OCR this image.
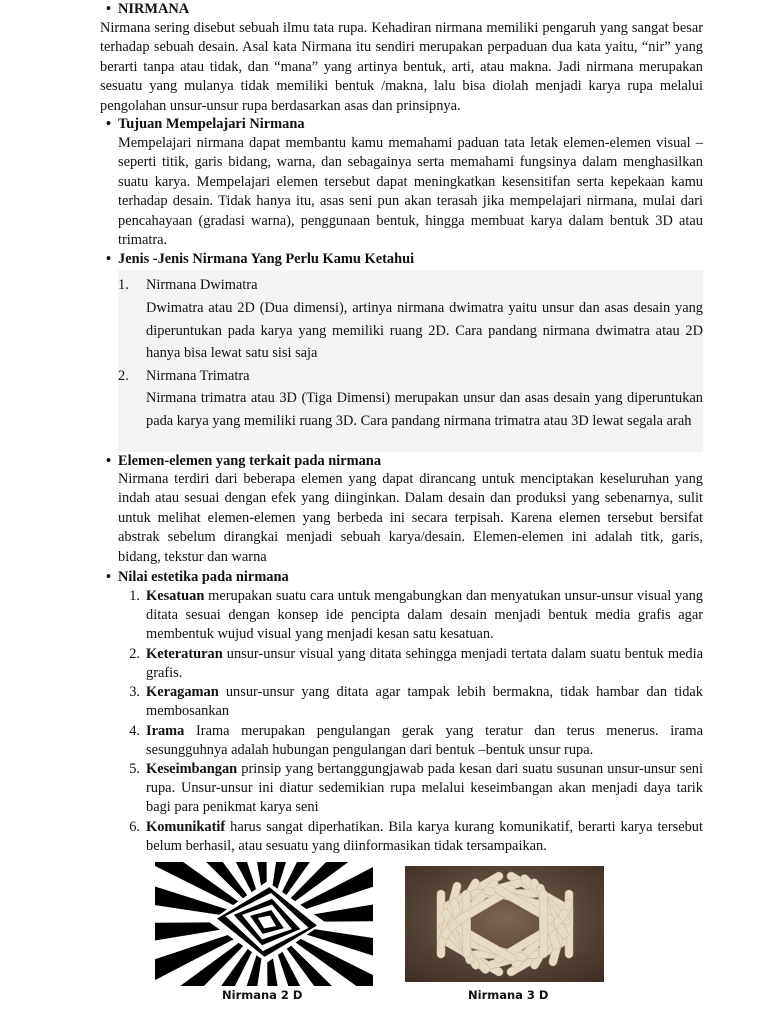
• NIRMANA
Nirmana sering disebut sebuah ilmu tata rupa. Kehadiran nirmana memiliki pengaruh yang sangat besar terhadap sebuah desain. Asal kata Nirmana itu sendiri merupakan perpaduan dua kata yaitu, “nir” yang berarti tanpa atau tidak, dan “mana” yang artinya bentuk, arti, atau makna. Jadi nirmana merupakan sesuatu yang mulanya tidak memiliki bentuk /makna, lalu bisa diolah menjadi karya rupa melalui pengolahan unsur-unsur rupa berdasarkan asas dan prinsipnya.
• Tujuan Mempelajari Nirmana
Mempelajari nirmana dapat membantu kamu memahami paduan tata letak elemen-elemen visual – seperti titik, garis bidang, warna, dan sebagainya serta memahami fungsinya dalam menghasilkan suatu karya. Mempelajari elemen tersebut dapat meningkatkan kesensitifan serta kepekaan kamu terhadap desain. Tidak hanya itu, asas seni pun akan terasah jika mempelajari nirmana, mulai dari pencahayaan (gradasi warna), penggunaan bentuk, hingga membuat karya dalam bentuk 3D atau trimatra.
• Jenis -Jenis Nirmana Yang Perlu Kamu Ketahui
1. Nirmana Dwimatra
Dwimatra atau 2D (Dua dimensi), artinya nirmana dwimatra yaitu unsur dan asas desain yang diperuntukan pada karya yang memiliki ruang 2D. Cara pandang nirmana dwimatra atau 2D hanya bisa lewat satu sisi saja
2. Nirmana Trimatra
Nirmana trimatra atau 3D (Tiga Dimensi) merupakan unsur dan asas desain yang diperuntukan pada karya yang memiliki ruang 3D. Cara pandang nirmana trimatra atau 3D lewat segala arah
• Elemen-elemen yang terkait pada nirmana
Nirmana terdiri dari beberapa elemen yang dapat dirancang untuk menciptakan keseluruhan yang indah atau sesuai dengan efek yang diinginkan. Dalam desain dan produksi yang sebenarnya, sulit untuk melihat elemen-elemen yang berbeda ini secara terpisah. Karena elemen tersebut bersifat abstrak sebelum dirangkai menjadi sebuah karya/desain. Elemen-elemen ini adalah titk, garis, bidang, tekstur dan warna
• Nilai estetika pada nirmana
1. Kesatuan merupakan suatu cara untuk mengabungkan dan menyatukan unsur-unsur visual yang ditata sesuai dengan konsep ide pencipta dalam desain menjadi bentuk media grafis agar membentuk wujud visual yang menjadi kesan satu kesatuan.
2. Keteraturan unsur-unsur visual yang ditata sehingga menjadi tertata dalam suatu bentuk media grafis.
3. Keragaman unsur-unsur yang ditata agar tampak lebih bermakna, tidak hambar dan tidak membosankan
4. Irama Irama merupakan pengulangan gerak yang teratur dan terus menerus. irama sesungguhnya adalah hubungan pengulangan dari bentuk –bentuk unsur rupa.
5. Keseimbangan prinsip yang bertanggungjawab pada kesan dari suatu susunan unsur-unsur seni rupa. Unsur-unsur ini diatur sedemikian rupa melalui keseimbangan akan menjadi daya tarik bagi para penikmat karya seni
6. Komunikatif harus sangat diperhatikan. Bila karya kurang komunikatif, berarti karya tersebut belum berhasil, atau sesuatu yang diinformasikan tidak tersampaikan.
Nirmana 2 D	Nirmana 3 D
